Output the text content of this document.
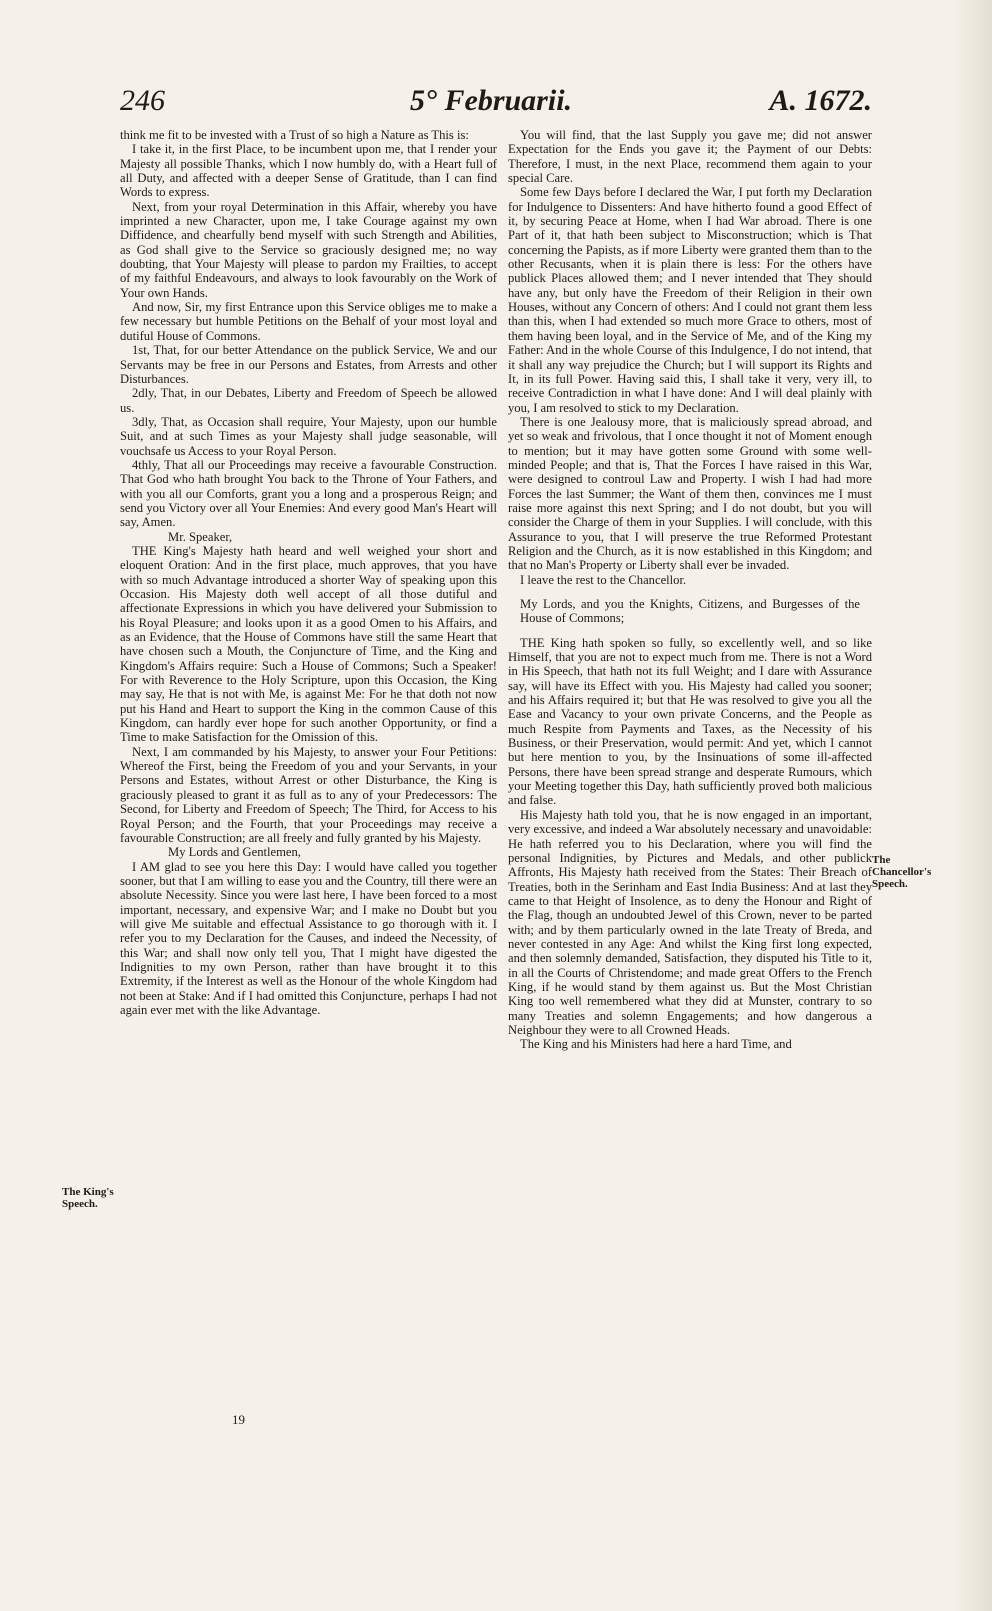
246	5° Februarii.	A. 1672.

think me fit to be invested with a Trust of so high a Nature as This is:

I take it, in the first Place, to be incumbent upon me, that I render your Majesty all possible Thanks, which I now humbly do, with a Heart full of all Duty, and affected with a deeper Sense of Gratitude, than I can find Words to express.

Next, from your royal Determination in this Affair, whereby you have imprinted a new Character, upon me, I take Courage against my own Diffidence, and chearfully bend myself with such Strength and Abilities, as God shall give to the Service so graciously designed me; no way doubting, that Your Majesty will please to pardon my Frailties, to accept of my faithful Endeavours, and always to look favourably on the Work of Your own Hands.

And now, Sir, my first Entrance upon this Service obliges me to make a few necessary but humble Petitions on the Behalf of your most loyal and dutiful House of Commons.

1st, That, for our better Attendance on the publick Service, We and our Servants may be free in our Persons and Estates, from Arrests and other Disturbances.

2dly, That, in our Debates, Liberty and Freedom of Speech be allowed us.

3dly, That, as Occasion shall require, Your Majesty, upon our humble Suit, and at such Times as your Majesty shall judge seasonable, will vouchsafe us Access to your Royal Person.

4thly, That all our Proceedings may receive a favourable Construction. That God who hath brought You back to the Throne of Your Fathers, and with you all our Comforts, grant you a long and a prosperous Reign; and send you Victory over all Your Enemies: And every good Man's Heart will say, Amen.

Mr. Speaker,

THE King's Majesty hath heard and well weighed your short and eloquent Oration: And in the first place, much approves, that you have with so much Advantage introduced a shorter Way of speaking upon this Occasion. His Majesty doth well accept of all those dutiful and affectionate Expressions in which you have delivered your Submission to his Royal Pleasure; and looks upon it as a good Omen to his Affairs, and as an Evidence, that the House of Commons have still the same Heart that have chosen such a Mouth, the Conjuncture of Time, and the King and Kingdom's Affairs require: Such a House of Commons; Such a Speaker! For with Reverence to the Holy Scripture, upon this Occasion, the King may say, He that is not with Me, is against Me: For he that doth not now put his Hand and Heart to support the King in the common Cause of this Kingdom, can hardly ever hope for such another Opportunity, or find a Time to make Satisfaction for the Omission of this.

Next, I am commanded by his Majesty, to answer your Four Petitions: Whereof the First, being the Freedom of you and your Servants, in your Persons and Estates, without Arrest or other Disturbance, the King is graciously pleased to grant it as full as to any of your Predecessors: The Second, for Liberty and Freedom of Speech; The Third, for Access to his Royal Person; and the Fourth, that your Proceedings may receive a favourable Construction; are all freely and fully granted by his Majesty.

My Lords and Gentlemen,

I AM glad to see you here this Day: I would have called you together sooner, but that I am willing to ease you and the Country, till there were an absolute Necessity. Since you were last here, I have been forced to a most important, necessary, and expensive War; and I make no Doubt but you will give Me suitable and effectual Assistance to go thorough with it. I refer you to my Declaration for the Causes, and indeed the Necessity, of this War; and shall now only tell you, That I might have digested the Indignities to my own Person, rather than have brought it to this Extremity, if the Interest as well as the Honour of the whole Kingdom had not been at Stake: And if I had omitted this Conjuncture, perhaps I had not again ever met with the like Advantage.

You will find, that the last Supply you gave me; did not answer Expectation for the Ends you gave it; the Payment of our Debts: Therefore, I must, in the next Place, recommend them again to your special Care.

Some few Days before I declared the War, I put forth my Declaration for Indulgence to Dissenters: And have hitherto found a good Effect of it, by securing Peace at Home, when I had War abroad. There is one Part of it, that hath been subject to Misconstruction; which is That concerning the Papists, as if more Liberty were granted them than to the other Recusants, when it is plain there is less: For the others have publick Places allowed them; and I never intended that They should have any, but only have the Freedom of their Religion in their own Houses, without any Concern of others: And I could not grant them less than this, when I had extended so much more Grace to others, most of them having been loyal, and in the Service of Me, and of the King my Father: And in the whole Course of this Indulgence, I do not intend, that it shall any way prejudice the Church; but I will support its Rights and It, in its full Power. Having said this, I shall take it very, very ill, to receive Contradiction in what I have done: And I will deal plainly with you, I am resolved to stick to my Declaration.

There is one Jealousy more, that is maliciously spread abroad, and yet so weak and frivolous, that I once thought it not of Moment enough to mention; but it may have gotten some Ground with some well-minded People; and that is, That the Forces I have raised in this War, were designed to controul Law and Property. I wish I had had more Forces the last Summer; the Want of them then, convinces me I must raise more against this next Spring; and I do not doubt, but you will consider the Charge of them in your Supplies. I will conclude, with this Assurance to you, that I will preserve the true Reformed Protestant Religion and the Church, as it is now established in this Kingdom; and that no Man's Property or Liberty shall ever be invaded.

I leave the rest to the Chancellor.

My Lords, and you the Knights, Citizens, and Burgesses of the House of Commons;

THE King hath spoken so fully, so excellently well, and so like Himself, that you are not to expect much from me. There is not a Word in His Speech, that hath not its full Weight; and I dare with Assurance say, will have its Effect with you. His Majesty had called you sooner; and his Affairs required it; but that He was resolved to give you all the Ease and Vacancy to your own private Concerns, and the People as much Respite from Payments and Taxes, as the Necessity of his Business, or their Preservation, would permit: And yet, which I cannot but here mention to you, by the Insinuations of some ill-affected Persons, there have been spread strange and desperate Rumours, which your Meeting together this Day, hath sufficiently proved both malicious and false.

His Majesty hath told you, that he is now engaged in an important, very excessive, and indeed a War absolutely necessary and unavoidable: He hath referred you to his Declaration, where you will find the personal Indignities, by Pictures and Medals, and other publick Affronts, His Majesty hath received from the States: Their Breach of Treaties, both in the Serinham and East India Business: And at last they came to that Height of Insolence, as to deny the Honour and Right of the Flag, though an undoubted Jewel of this Crown, never to be parted with; and by them particularly owned in the late Treaty of Breda, and never contested in any Age: And whilst the King first long expected, and then solemnly demanded, Satisfaction, they disputed his Title to it, in all the Courts of Christendome; and made great Offers to the French King, if he would stand by them against us. But the Most Christian King too well remembered what they did at Munster, contrary to so many Treaties and solemn Engagements; and how dangerous a Neighbour they were to all Crowned Heads.

The King and his Ministers had here a hard Time, and

The King's Speech.
The Chancellor's Speech.
19
